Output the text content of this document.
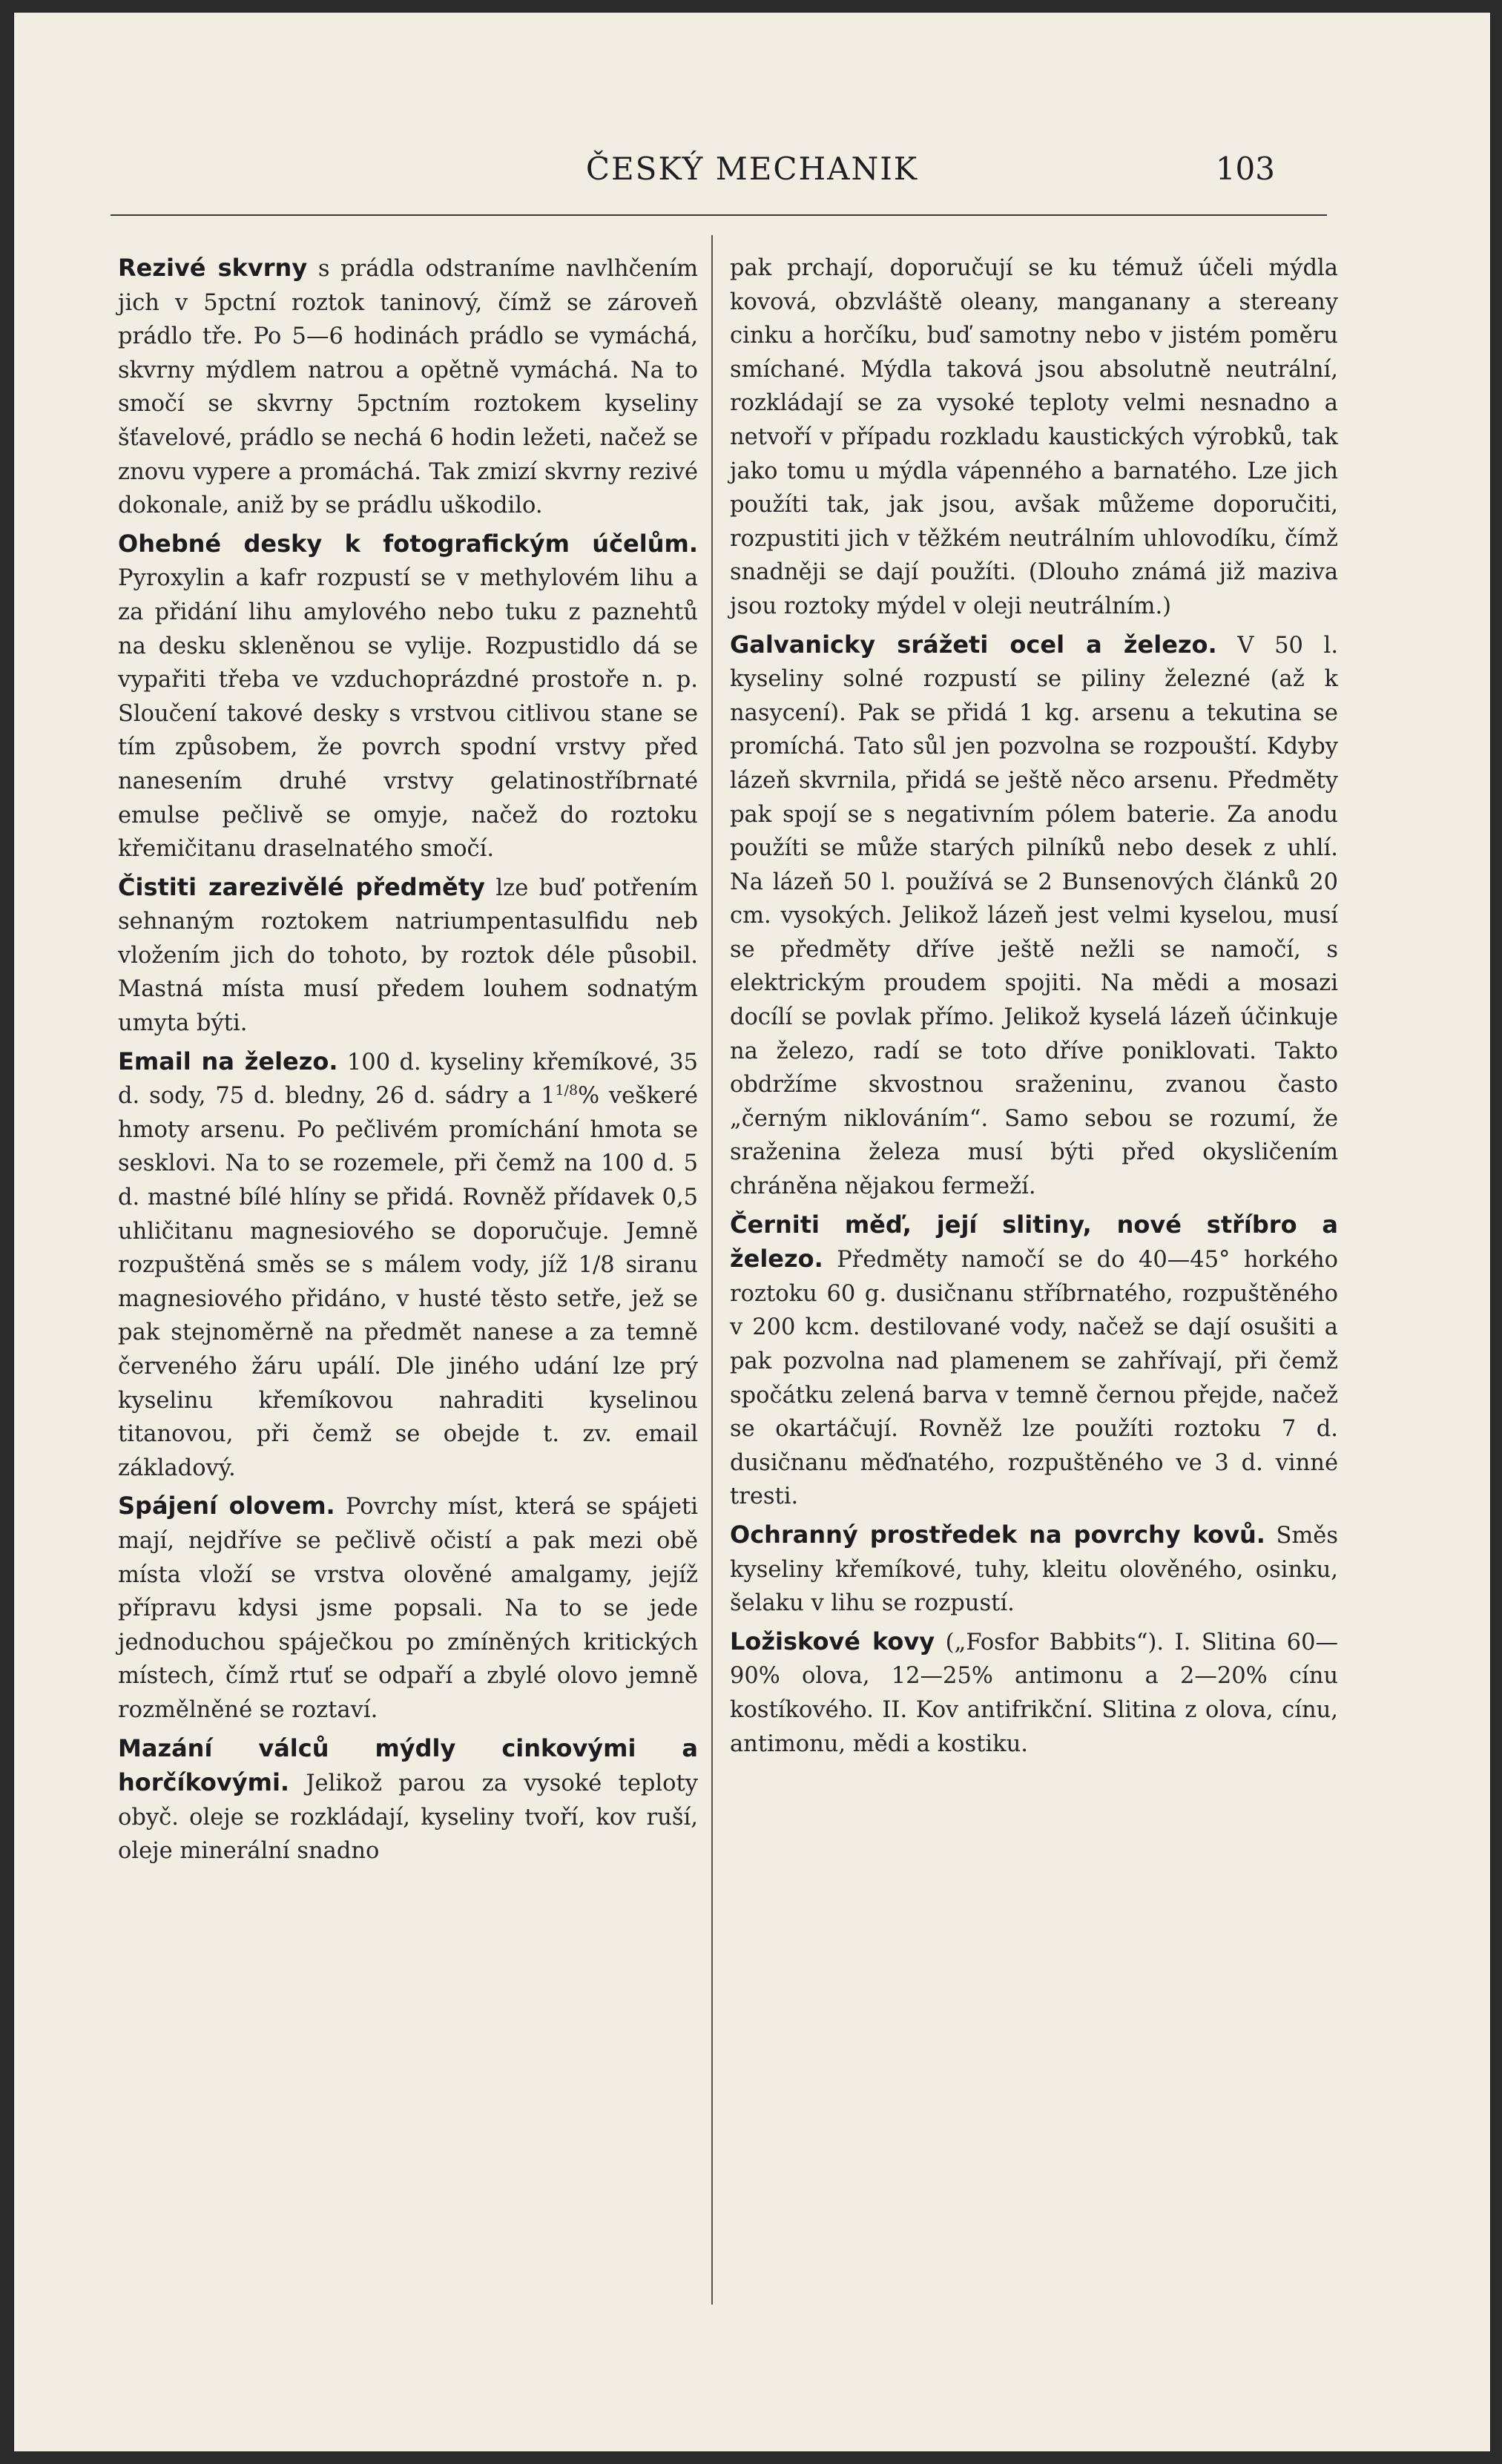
ČESKÝ MECHANIK	103

Rezivé skvrny s prádla odstraníme navlhčením jich v 5pctní roztok taninový, čímž se zároveň prádlo tře. Po 5—6 hodinách prádlo se vymáchá, skvrny mýdlem natrou a opětně vymáchá. Na to smočí se skvrny 5pctním roztokem kyseliny šťavelové, prádlo se nechá 6 hodin ležeti, načež se znovu vypere a promáchá. Tak zmizí skvrny rezivé dokonale, aniž by se prádlu uškodilo.

Ohebné desky k fotografickým účelům. Pyroxylin a kafr rozpustí se v methylovém lihu a za přidání lihu amylového nebo tuku z paznehtů na desku skleněnou se vylije. Rozpustidlo dá se vypařiti třeba ve vzduchoprázdné prostoře n. p. Sloučení takové desky s vrstvou citlivou stane se tím způsobem, že povrch spodní vrstvy před nanesením druhé vrstvy gelatinostříbrnaté emulse pečlivě se omyje, načež do roztoku křemičitanu draselnatého smočí.

Čistiti zarezivělé předměty lze buď potřením sehnaným roztokem natriumpentasulfidu neb vložením jich do tohoto, by roztok déle působil. Mastná místa musí předem louhem sodnatým umyta býti.

Email na železo. 100 d. kyseliny křemíkové, 35 d. sody, 75 d. bledny, 26 d. sádry a $1^{1/8}\%$ veškeré hmoty arsenu. Po pečlivém promíchání hmota se sesklovi. Na to se rozemele, při čemž na 100 d. 5 d. mastné bílé hlíny se přidá. Rovněž přídavek 0,5 uhličitanu magnesiového se doporučuje. Jemně rozpuštěná směs se s málem vody, jíž 1/8 siranu magnesiového přidáno, v husté těsto setře, jež se pak stejnoměrně na předmět nanese a za temně červeného žáru upálí. Dle jiného udání lze prý kyselinu křemíkovou nahraditi kyselinou titanovou, při čemž se obejde t. zv. email základový.

Spájení olovem. Povrchy míst, která se spájeti mají, nejdříve se pečlivě očistí a pak mezi obě místa vloží se vrstva olověné amalgamy, jejíž přípravu kdysi jsme popsali. Na to se jede jednoduchou spáječkou po zmíněných kritických místech, čímž rtuť se odpaří a zbylé olovo jemně rozmělněné se roztaví.

Mazání válců mýdly cinkovými a horčíkovými. Jelikož parou za vysoké teploty obyč. oleje se rozkládají, kyseliny tvoří, kov ruší, oleje minerální snadno

pak prchají, doporučují se ku témuž účeli mýdla kovová, obzvláště oleany, manganany a stereany cinku a horčíku, buď samotny nebo v jistém poměru smíchané. Mýdla taková jsou absolutně neutrální, rozkládají se za vysoké teploty velmi nesnadno a netvoří v případu rozkladu kaustických výrobků, tak jako tomu u mýdla vápenného a barnatého. Lze jich použíti tak, jak jsou, avšak můžeme doporučiti, rozpustiti jich v těžkém neutrálním uhlovodíku, čímž snadněji se dají použíti. (Dlouho známá již maziva jsou roztoky mýdel v oleji neutrálním.)

Galvanicky srážeti ocel a železo. V 50 l. kyseliny solné rozpustí se piliny železné (až k nasycení). Pak se přidá 1 kg. arsenu a tekutina se promíchá. Tato sůl jen pozvolna se rozpouští. Kdyby lázeň skvrnila, přidá se ještě něco arsenu. Předměty pak spojí se s negativním pólem baterie. Za anodu použíti se může starých pilníků nebo desek z uhlí. Na lázeň 50 l. používá se 2 Bunsenových článků 20 cm. vysokých. Jelikož lázeň jest velmi kyselou, musí se předměty dříve ještě nežli se namočí, s elektrickým proudem spojiti. Na mědi a mosazi docílí se povlak přímo. Jelikož kyselá lázeň účinkuje na železo, radí se toto dříve poniklovati. Takto obdržíme skvostnou sraženinu, zvanou často „černým niklováním“. Samo sebou se rozumí, že sraženina železa musí býti před okysličením chráněna nějakou fermeží.

Černiti měď, její slitiny, nové stříbro a železo. Předměty namočí se do 40—45° horkého roztoku 60 g. dusičnanu stříbrnatého, rozpuštěného v 200 kcm. destilované vody, načež se dají osušiti a pak pozvolna nad plamenem se zahřívají, při čemž spočátku zelená barva v temně černou přejde, načež se okartáčují. Rovněž lze použíti roztoku 7 d. dusičnanu měďnatého, rozpuštěného ve 3 d. vinné tresti.

Ochranný prostředek na povrchy kovů. Směs kyseliny křemíkové, tuhy, kleitu olověného, osinku, šelaku v lihu se rozpustí.

Ložiskové kovy („Fosfor Babbits“). I. Slitina 60—90% olova, 12—25% antimonu a 2—20% cínu kostíkového. II. Kov antifrikční. Slitina z olova, cínu, antimonu, mědi a kostiku.
